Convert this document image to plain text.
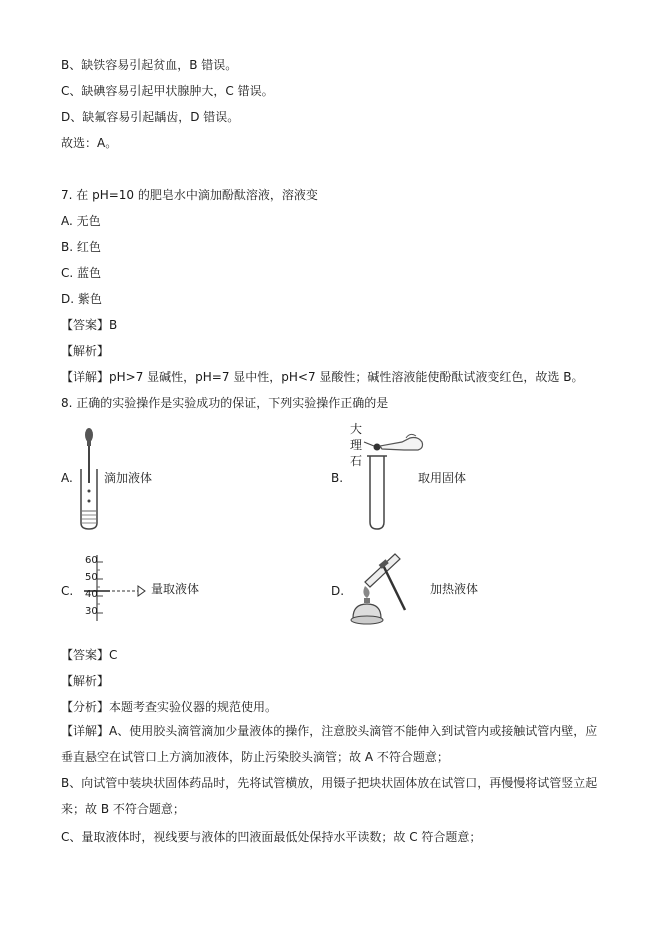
B、缺铁容易引起贫血，B 错误。
C、缺碘容易引起甲状腺肿大，C 错误。
D、缺氟容易引起龋齿，D 错误。
故选：A。
7. 在 pH=10 的肥皂水中滴加酚酞溶液，溶液变
A. 无色
B. 红色
C. 蓝色
D. 紫色
【答案】B
【解析】
【详解】pH>7 显碱性，pH=7 显中性，pH<7 显酸性；碱性溶液能使酚酞试液变红色，故选 B。
8. 正确的实验操作是实验成功的保证，下列实验操作正确的是
A.	滴加液体	B.
大
理
石
取用固体
C.
60
50
40
30
量取液体	D.	加热液体
【答案】C
【解析】
【分析】本题考查实验仪器的规范使用。
【详解】A、使用胶头滴管滴加少量液体的操作，注意胶头滴管不能伸入到试管内或接触试管内壁，应垂直悬空在试管口上方滴加液体，防止污染胶头滴管；故 A 不符合题意；
B、向试管中装块状固体药品时，先将试管横放，用镊子把块状固体放在试管口，再慢慢将试管竖立起来；故 B 不符合题意；
C、量取液体时，视线要与液体的凹液面最低处保持水平读数；故 C 符合题意；
